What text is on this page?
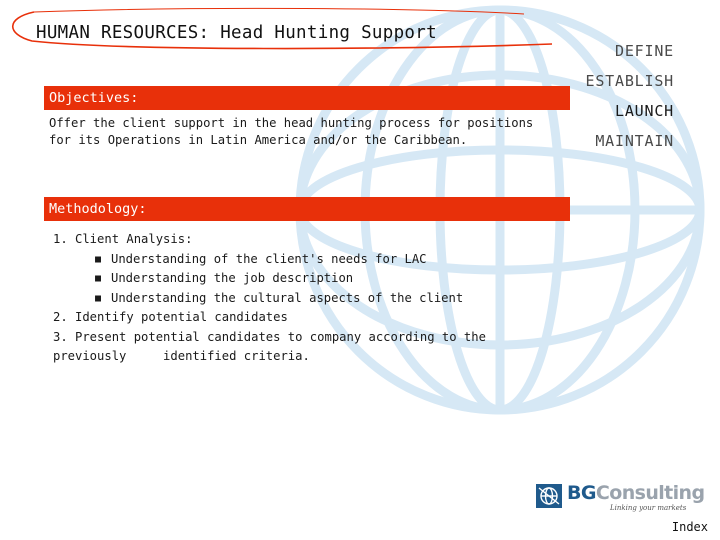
HUMAN RESOURCES: Head Hunting Support
DEFINE
ESTABLISH
LAUNCH
MAINTAIN
Objectives:
Offer the client support in the head hunting process for positions for its Operations in Latin America and/or the Caribbean.
Methodology:
1. Client Analysis:
■ Understanding of the client's needs for LAC
■ Understanding the job description
■ Understanding the cultural aspects of the client
2. Identify potential candidates
3. Present potential candidates to company according to the
previously     identified criteria.
BGConsulting
Linking your markets
Index
